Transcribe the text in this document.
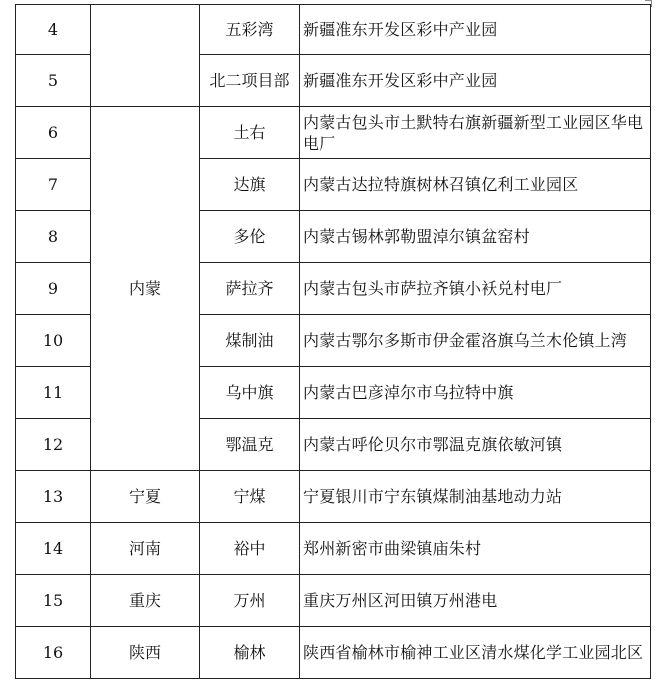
4		五彩湾	新疆准东开发区彩中产业园
5		北二项目部	新疆准东开发区彩中产业园
6	内蒙	土右	内蒙古包头市土默特右旗新疆新型工业园区华电电厂
7		达旗	内蒙古达拉特旗树林召镇亿利工业园区
8		多伦	内蒙古锡林郭勒盟淖尔镇盆窑村
9		萨拉齐	内蒙古包头市萨拉齐镇小袄兑村电厂
10		煤制油	内蒙古鄂尔多斯市伊金霍洛旗乌兰木伦镇上湾
11		乌中旗	内蒙古巴彦淖尔市乌拉特中旗
12		鄂温克	内蒙古呼伦贝尔市鄂温克旗依敏河镇
13	宁夏	宁煤	宁夏银川市宁东镇煤制油基地动力站
14	河南	裕中	郑州新密市曲梁镇庙朱村
15	重庆	万州	重庆万州区河田镇万州港电
16	陕西	榆林	陕西省榆林市榆神工业区清水煤化学工业园北区
